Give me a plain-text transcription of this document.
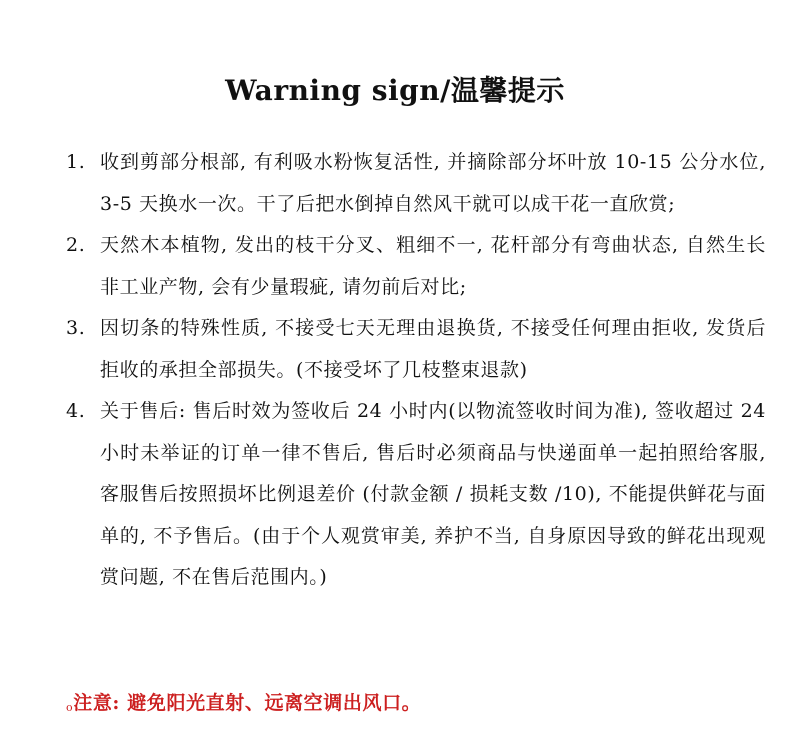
Warning sign/温馨提示
1. 收到剪部分根部, 有利吸水粉恢复活性, 并摘除部分坏叶放 10-15 公分水位, 3-5 天换水一次。干了后把水倒掉自然风干就可以成干花一直欣赏;
2. 天然木本植物, 发出的枝干分叉、粗细不一, 花杆部分有弯曲状态, 自然生长非工业产物, 会有少量瑕疵, 请勿前后对比;
3. 因切条的特殊性质, 不接受七天无理由退换货, 不接受任何理由拒收, 发货后拒收的承担全部损失。(不接受坏了几枝整束退款)
4. 关于售后: 售后时效为签收后 24 小时内(以物流签收时间为准), 签收超过 24 小时未举证的订单一律不售后, 售后时必须商品与快递面单一起拍照给客服, 客服售后按照损坏比例退差价 (付款金额 / 损耗支数 /10), 不能提供鲜花与面单的, 不予售后。(由于个人观赏审美, 养护不当, 自身原因导致的鲜花出现观赏问题, 不在售后范围内。)
o注意: 避免阳光直射、远离空调出风口。
